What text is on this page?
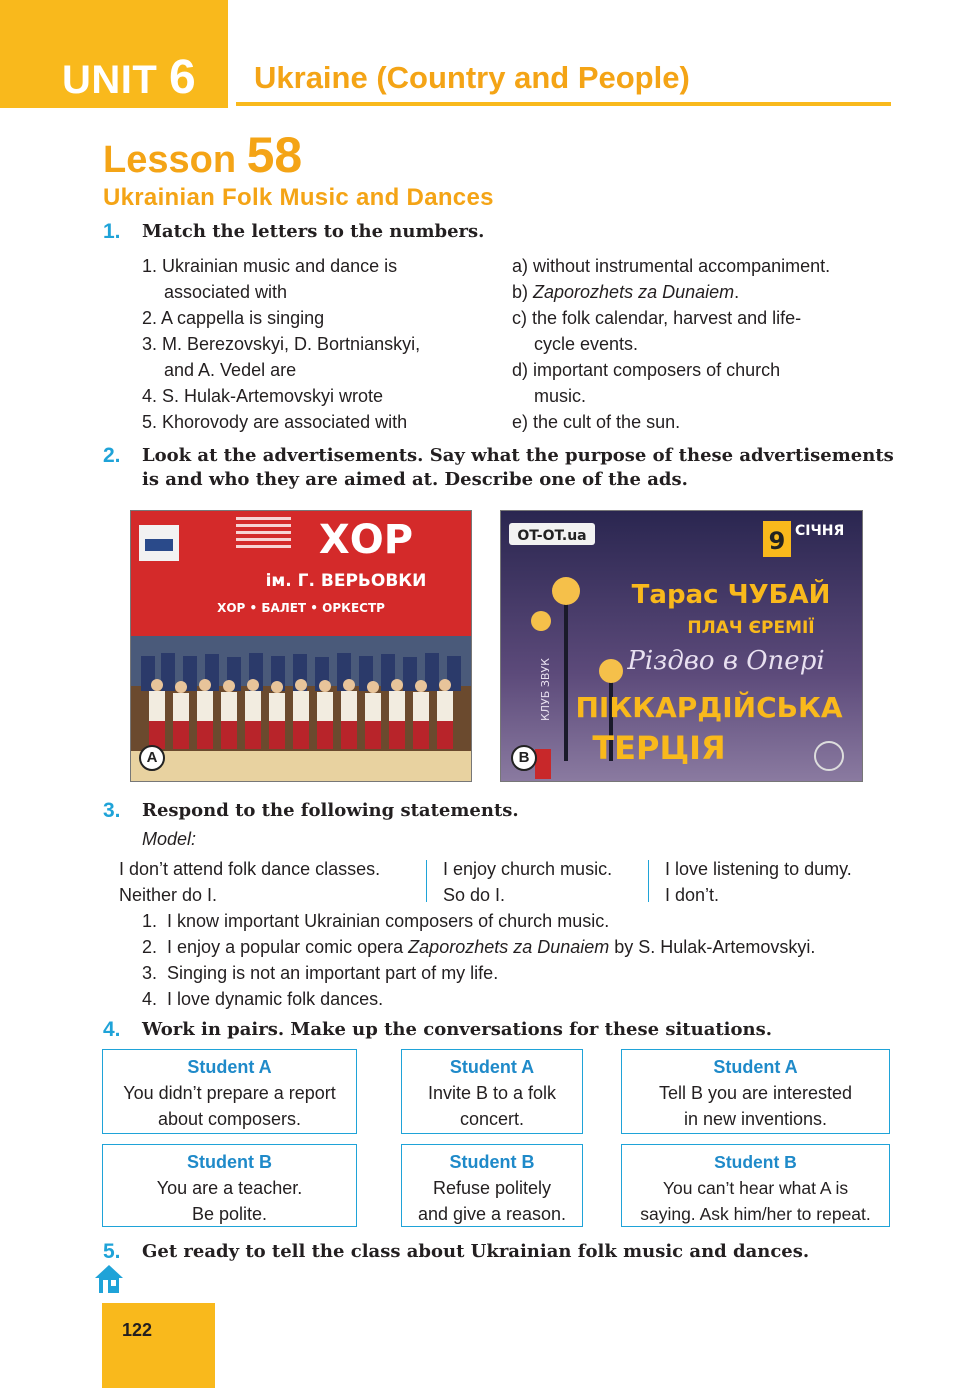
UNIT 6 Ukraine (Country and People)
Lesson 58
Ukrainian Folk Music and Dances
1. Match the letters to the numbers.
1. Ukrainian music and dance is
associated with
2. A cappella is singing
3. M. Berezovskyi, D. Bortnianskyi,
and A. Vedel are
4. S. Hulak-Artemovskyi wrote
5. Khorovody are associated with
a) without instrumental accompaniment.
b) Zaporozhets za Dunaiem.
c) the folk calendar, harvest and life-
cycle events.
d) important composers of church
music.
e) the cult of the sun.
2. Look at the advertisements. Say what the purpose of these advertisements
is and who they are aimed at. Describe one of the ads.
ХОР
ім. Г. ВЕРЬОВКИ
ХОР • БАЛЕТ • ОРКЕСТР
A
OT-OT.ua	9 СІЧНЯ
Тарас ЧУБАЙ
ПЛАЧ ЄРЕМІЇ
Різдво в Опері
ПІККАРДІЙСЬКА
ТЕРЦІЯ
КЛУБ ЗВУК
B
3. Respond to the following statements.
Model:
I don’t attend folk dance classes.
Neither do I.
I enjoy church music.
So do I.
I love listening to dumy.
I don’t.
1. I know important Ukrainian composers of church music.
2. I enjoy a popular comic opera Zaporozhets za Dunaiem by S. Hulak-Artemovskyi.
3. Singing is not an important part of my life.
4. I love dynamic folk dances.
4. Work in pairs. Make up the conversations for these situations.
Student A
You didn’t prepare a report
about composers.
Student A
Invite B to a folk
concert.
Student A
Tell B you are interested
in new inventions.
Student B
You are a teacher.
Be polite.
Student B
Refuse politely
and give a reason.
Student B
You can’t hear what A is
saying. Ask him/her to repeat.
5. Get ready to tell the class about Ukrainian folk music and dances.
122
